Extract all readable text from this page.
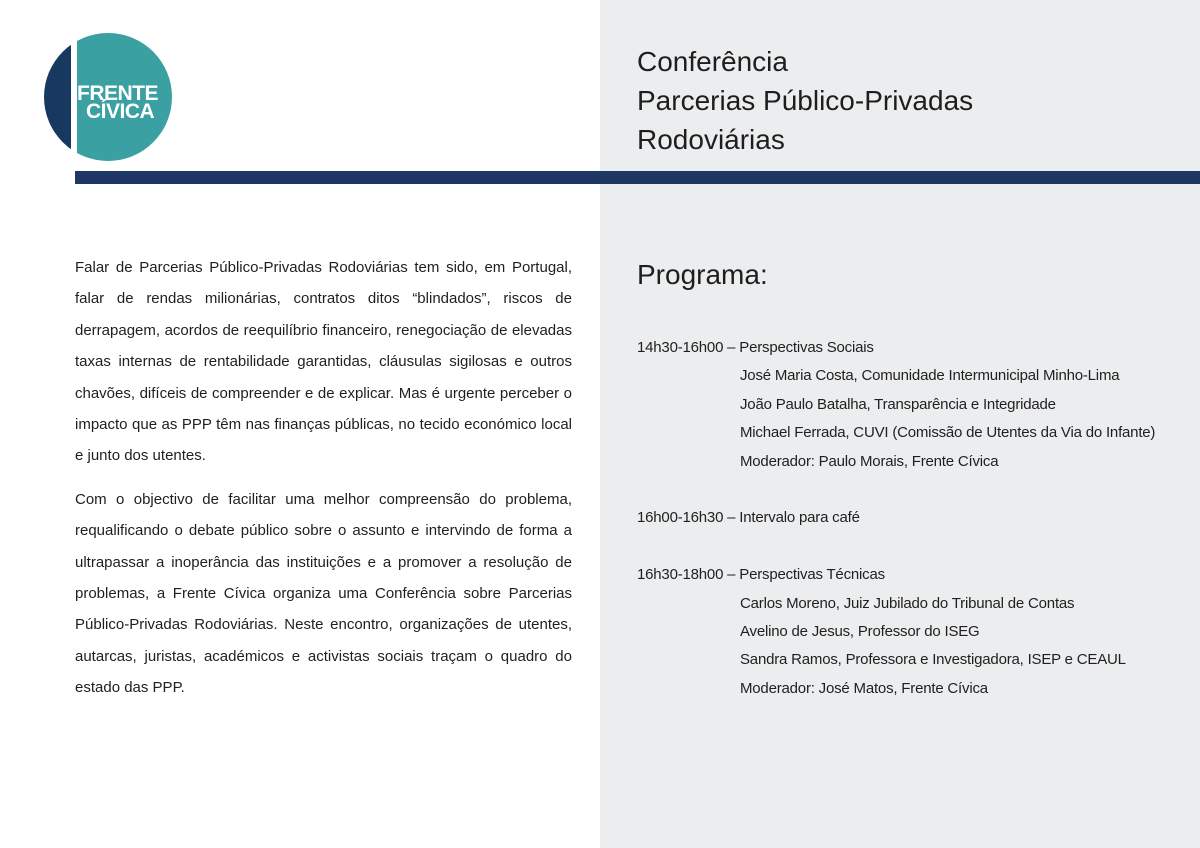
FRENTE
CÍVICA
Conferência
Parcerias Público-Privadas
Rodoviárias

Falar de Parcerias Público-Privadas Rodoviárias tem sido, em Portugal, falar de rendas milionárias, contratos ditos “blindados”, riscos de derrapagem, acordos de reequilíbrio financeiro, renegociação de elevadas taxas internas de rentabilidade garantidas, cláusulas sigilosas e outros chavões, difíceis de compreender e de explicar. Mas é urgente perceber o impacto que as PPP têm nas finanças públicas, no tecido económico local e junto dos utentes.

Com o objectivo de facilitar uma melhor compreensão do problema, requalificando o debate público sobre o assunto e intervindo de forma a ultrapassar a inoperância das instituições e a promover a resolução de problemas, a Frente Cívica organiza uma Conferência sobre Parcerias Público-Privadas Rodoviárias. Neste encontro, organizações de utentes, autarcas, juristas, académicos e activistas sociais traçam o quadro do estado das PPP.

Programa:
14h30-16h00 – Perspectivas Sociais
José Maria Costa, Comunidade Intermunicipal Minho-Lima
João Paulo Batalha, Transparência e Integridade
Michael Ferrada, CUVI (Comissão de Utentes da Via do Infante)
Moderador: Paulo Morais, Frente Cívica
16h00-16h30 – Intervalo para café
16h30-18h00 – Perspectivas Técnicas
Carlos Moreno, Juiz Jubilado do Tribunal de Contas
Avelino de Jesus, Professor do ISEG
Sandra Ramos, Professora e Investigadora, ISEP e CEAUL
Moderador: José Matos, Frente Cívica
